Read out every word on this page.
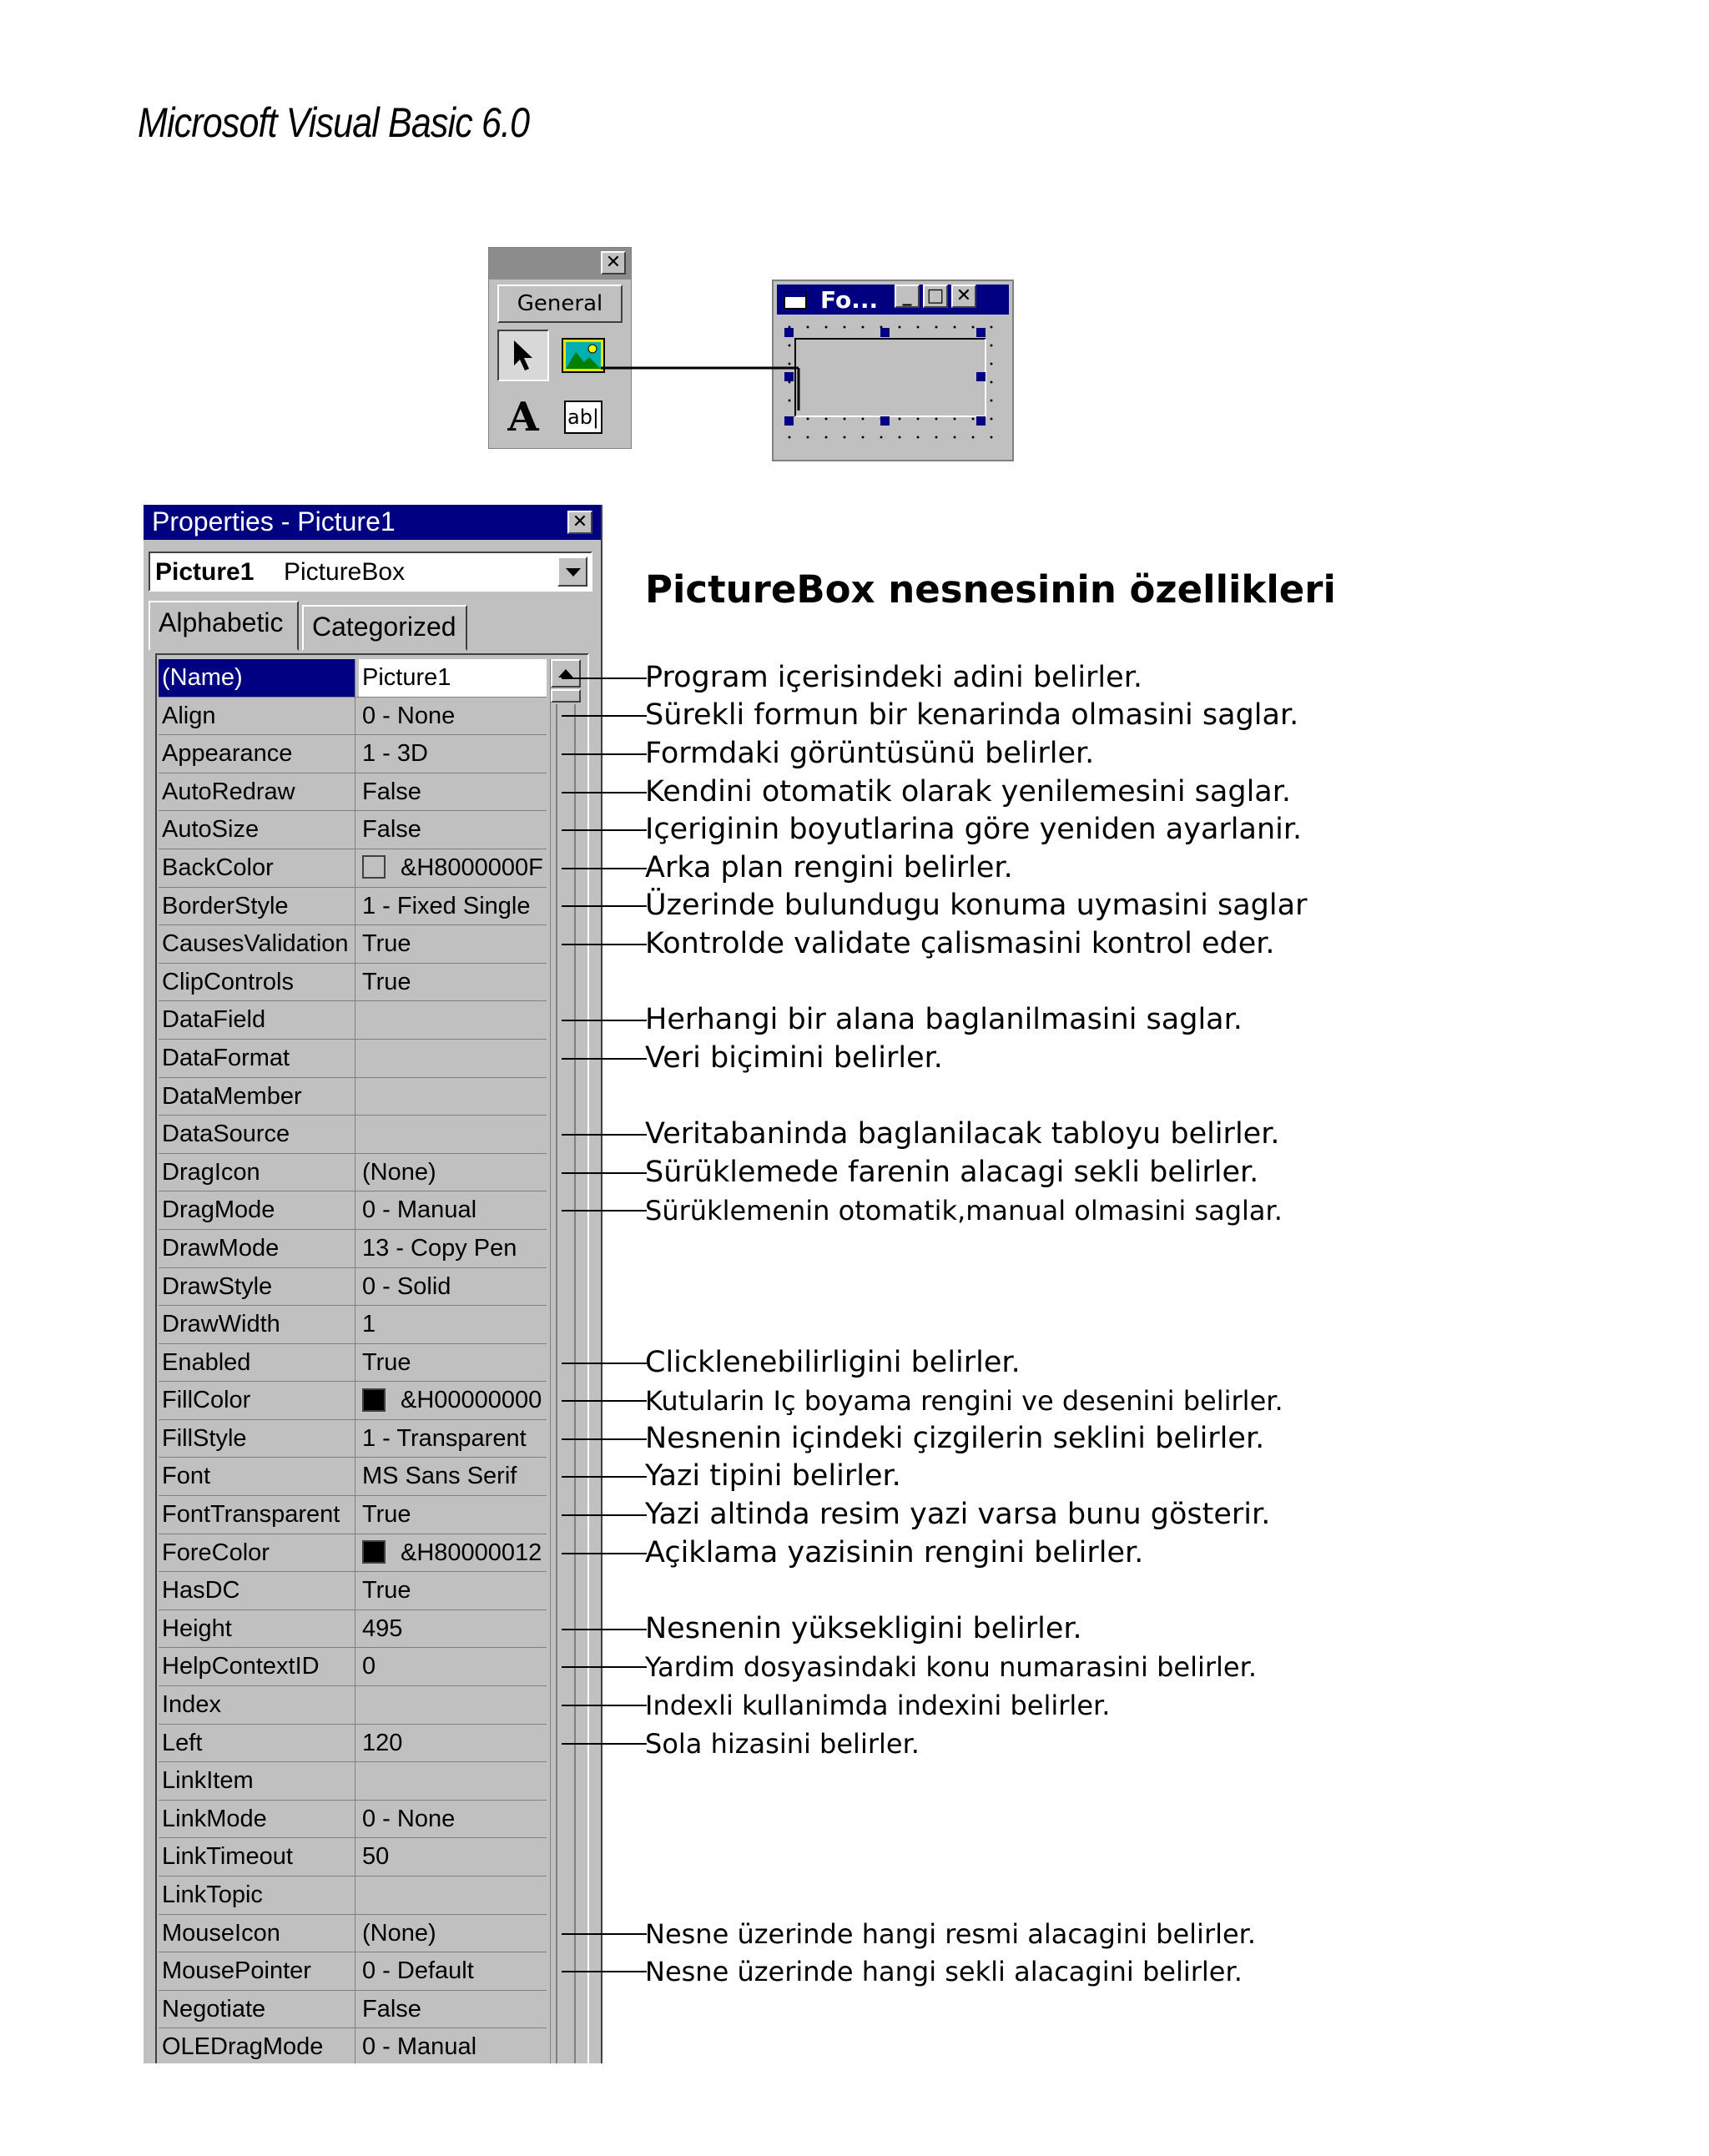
Microsoft Visual Basic 6.0
✕
General
A	ab|
Fo...	_ □ ✕
Properties - Picture1	✕
Picture1 PictureBox
Alphabetic	Categorized
(Name)	Picture1
Align	0 - None
Appearance	1 - 3D
AutoRedraw	False
AutoSize	False
BackColor	&H8000000F
BorderStyle	1 - Fixed Single
CausesValidation True
ClipControls	True
DataField
DataFormat
DataMember
DataSource
DragIcon	(None)
DragMode	0 - Manual
DrawMode	13 - Copy Pen
DrawStyle	0 - Solid
DrawWidth	1
Enabled	True
FillColor	&H00000000
FillStyle	1 - Transparent
Font	MS Sans Serif
FontTransparent True
ForeColor	&H80000012
HasDC	True
Height	495
HelpContextID	0
Index
Left	120
LinkItem
LinkMode	0 - None
LinkTimeout	50
LinkTopic
MouseIcon	(None)
MousePointer	0 - Default
Negotiate	False
OLEDragMode	0 - Manual
PictureBox nesnesinin özellikleri
Program içerisindeki adini belirler.
Sürekli formun bir kenarinda olmasini saglar.
Formdaki görüntüsünü belirler.
Kendini otomatik olarak yenilemesini saglar.
Içeriginin boyutlarina göre yeniden ayarlanir.
Arka plan rengini belirler.
Üzerinde bulundugu konuma uymasini saglar
Kontrolde validate çalismasini kontrol eder.
Herhangi bir alana baglanilmasini saglar.
Veri biçimini belirler.
Veritabaninda baglanilacak tabloyu belirler.
Sürüklemede farenin alacagi sekli belirler.
Sürüklemenin otomatik,manual olmasini saglar.
Clicklenebilirligini belirler.
Kutularin Iç boyama rengini ve desenini belirler.
Nesnenin içindeki çizgilerin seklini belirler.
Yazi tipini belirler.
Yazi altinda resim yazi varsa bunu gösterir.
Açiklama yazisinin rengini belirler.
Nesnenin yüksekligini belirler.
Yardim dosyasindaki konu numarasini belirler.
Indexli kullanimda indexini belirler.
Sola hizasini belirler.
Nesne üzerinde hangi resmi alacagini belirler.
Nesne üzerinde hangi sekli alacagini belirler.
